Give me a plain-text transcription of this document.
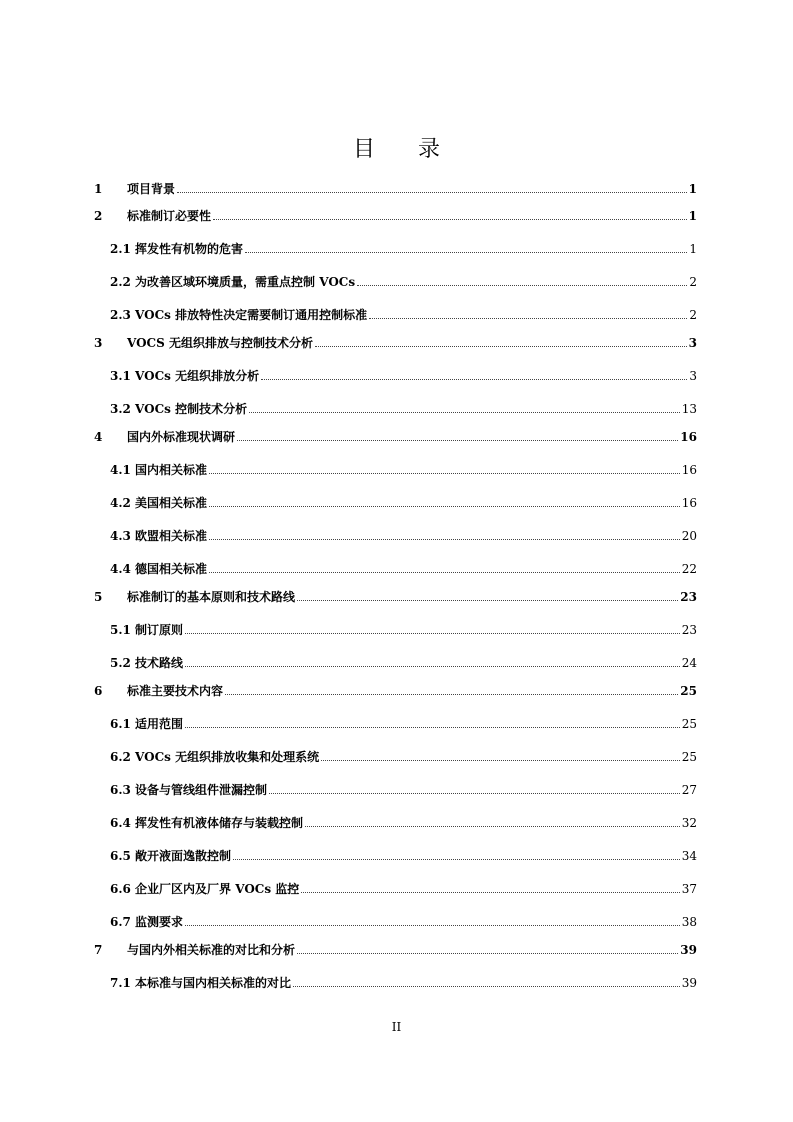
目 录
1 项目背景	1
2 标准制订必要性	1
2.1 挥发性有机物的危害	1
2.2 为改善区域环境质量，需重点控制 VOCs	2
2.3 VOCs 排放特性决定需要制订通用控制标准	2
3 VOCS 无组织排放与控制技术分析	3
3.1 VOCs 无组织排放分析	3
3.2 VOCs 控制技术分析	13
4 国内外标准现状调研	16
4.1 国内相关标准	16
4.2 美国相关标准	16
4.3 欧盟相关标准	20
4.4 德国相关标准	22
5 标准制订的基本原则和技术路线	23
5.1 制订原则	23
5.2 技术路线	24
6 标准主要技术内容	25
6.1 适用范围	25
6.2 VOCs 无组织排放收集和处理系统	25
6.3 设备与管线组件泄漏控制	27
6.4 挥发性有机液体储存与装载控制	32
6.5 敞开液面逸散控制	34
6.6 企业厂区内及厂界 VOCs 监控	37
6.7 监测要求	38
7 与国内外相关标准的对比和分析	39
7.1 本标准与国内相关标准的对比	39
II
